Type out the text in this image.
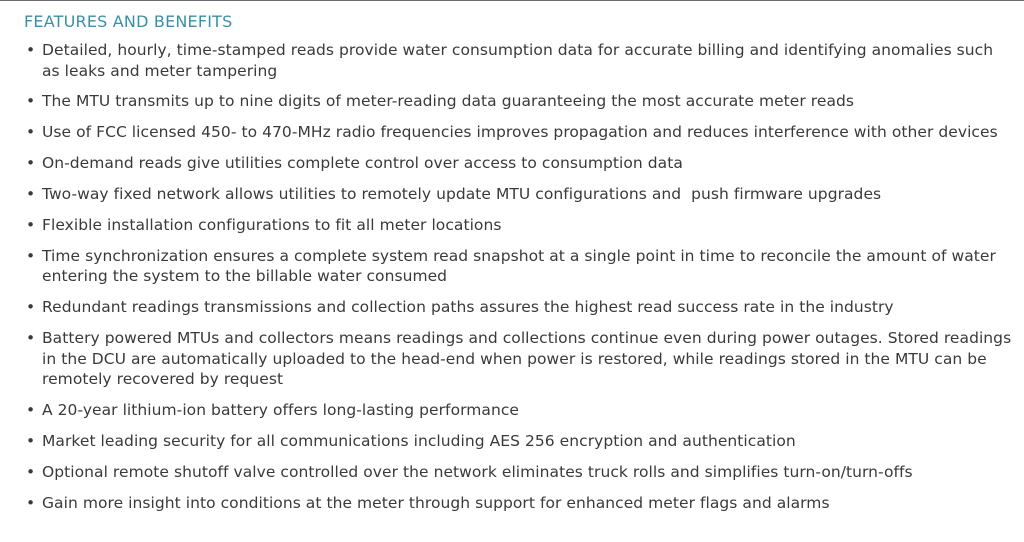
FEATURES AND BENEFITS
• Detailed, hourly, time-stamped reads provide water consumption data for accurate billing and identifying anomalies such as leaks and meter tampering
• The MTU transmits up to nine digits of meter-reading data guaranteeing the most accurate meter reads
• Use of FCC licensed 450- to 470-MHz radio frequencies improves propagation and reduces interference with other devices
• On-demand reads give utilities complete control over access to consumption data
• Two-way fixed network allows utilities to remotely update MTU configurations and  push firmware upgrades
• Flexible installation configurations to fit all meter locations
• Time synchronization ensures a complete system read snapshot at a single point in time to reconcile the amount of water entering the system to the billable water consumed
• Redundant readings transmissions and collection paths assures the highest read success rate in the industry
• Battery powered MTUs and collectors means readings and collections continue even during power outages. Stored readings in the DCU are automatically uploaded to the head-end when power is restored, while readings stored in the MTU can be remotely recovered by request
• A 20-year lithium-ion battery offers long-lasting performance
• Market leading security for all communications including AES 256 encryption and authentication
• Optional remote shutoff valve controlled over the network eliminates truck rolls and simplifies turn-on/turn-offs
• Gain more insight into conditions at the meter through support for enhanced meter flags and alarms
